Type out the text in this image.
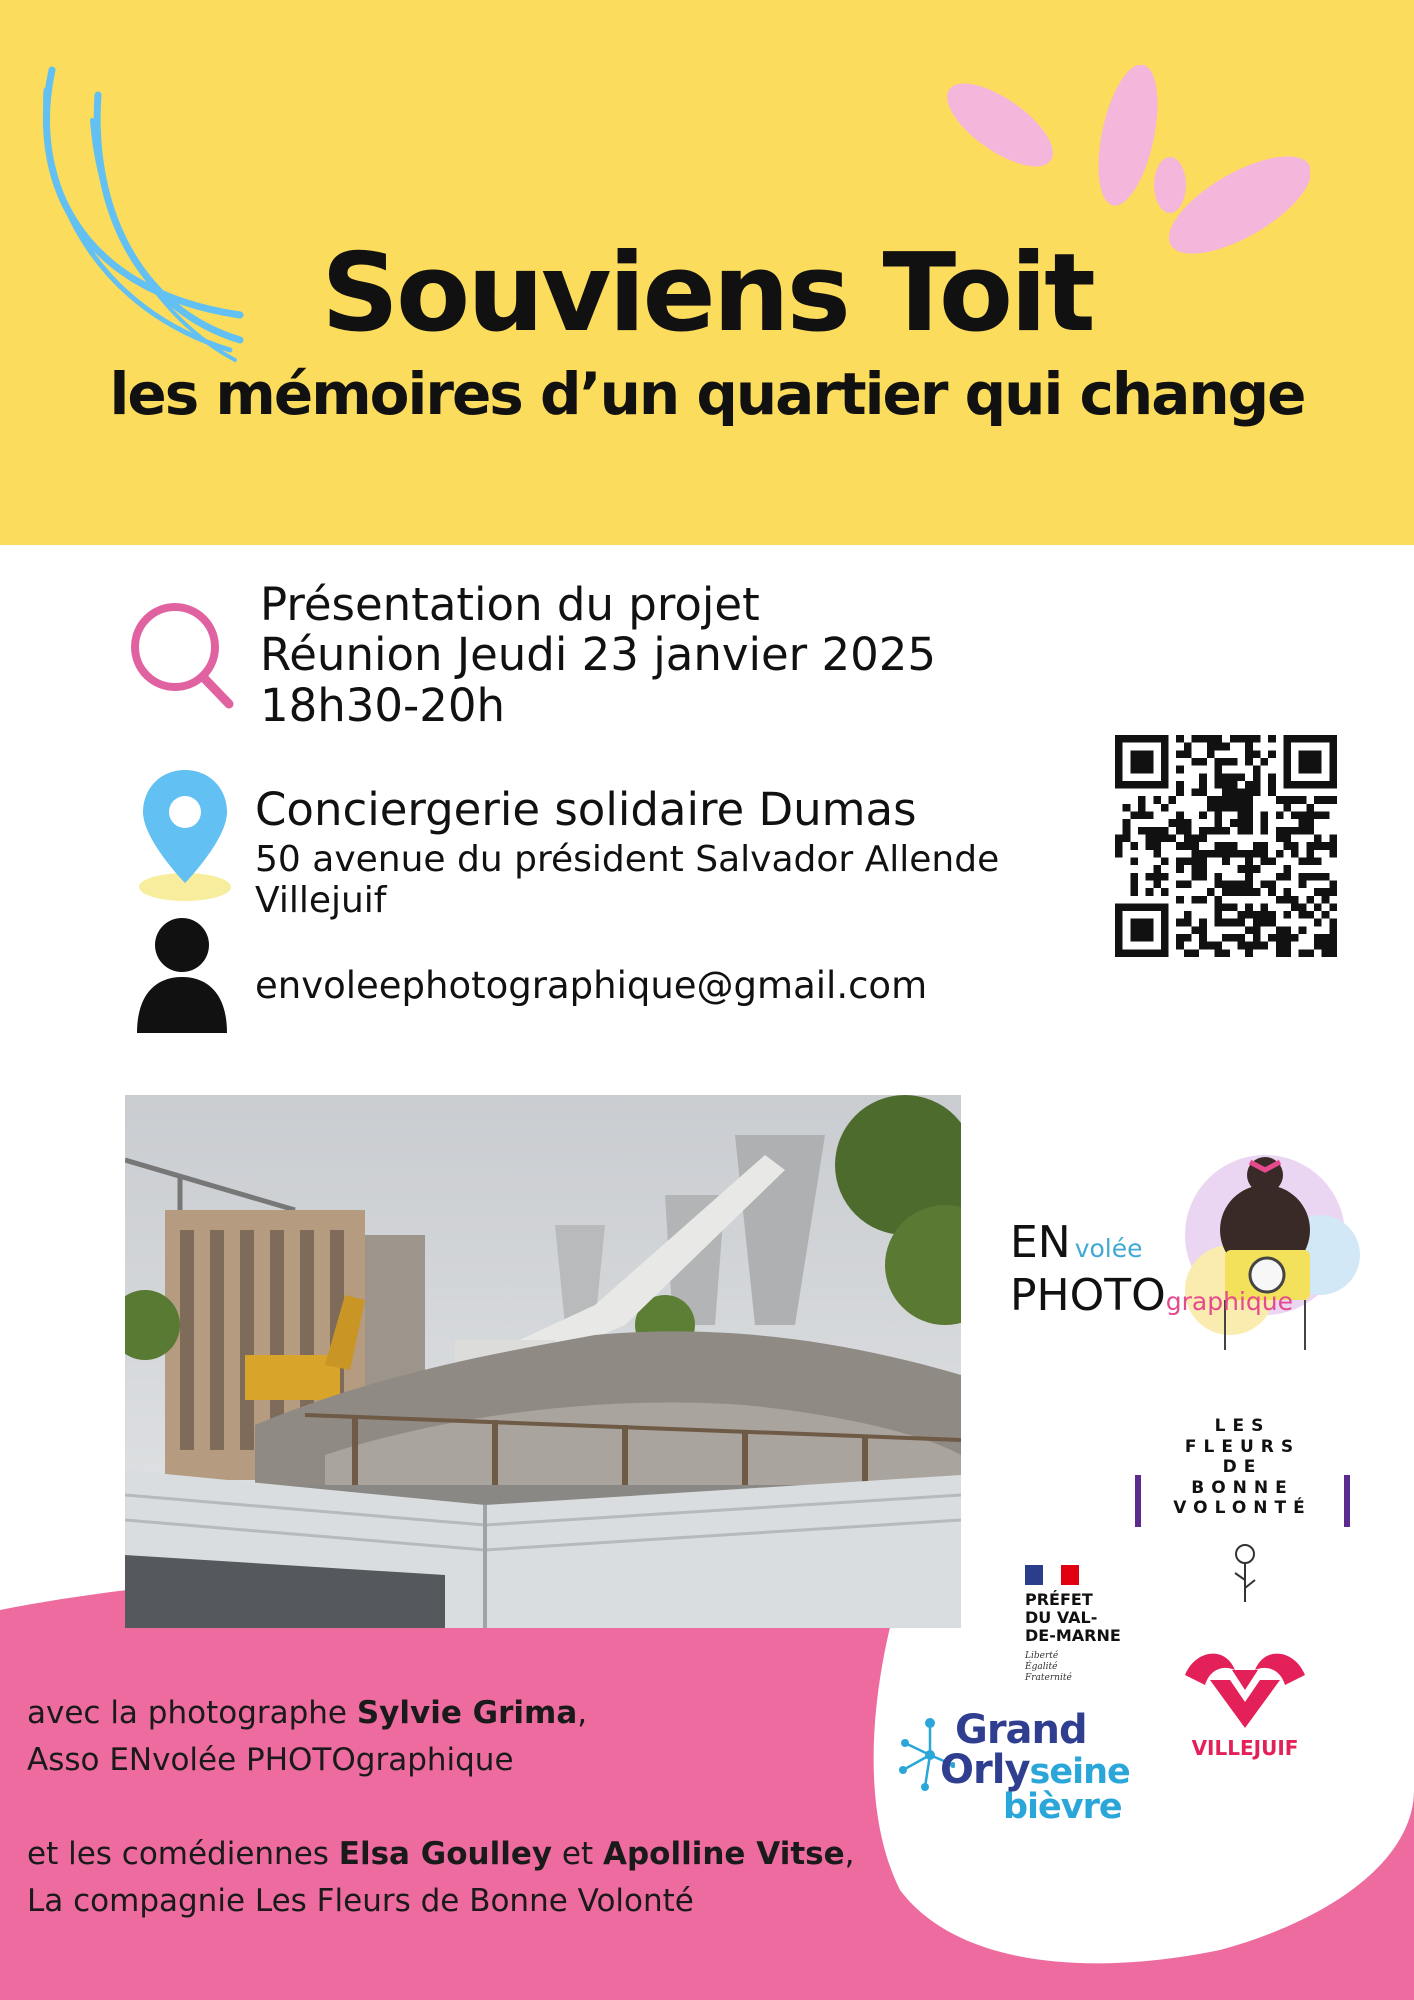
Souviens Toit
les mémoires d’un quartier qui change
Présentation du projet
Réunion Jeudi 23 janvier 2025
18h30-20h
Conciergerie solidaire Dumas
50 avenue du président Salvador Allende
Villejuif
envoleephotographique@gmail.com
EN volée
PHOTOgraphique
LES
FLEURS
DE
BONNE
VOLONTÉ
PRÉFET
DU VAL-
DE-MARNE
Liberté
Égalité
Fraternité
VILLEJUIF
Grand
Orlyseine
bièvre
avec la photographe Sylvie Grima,
Asso ENvolée PHOTOgraphique
et les comédiennes Elsa Goulley et Apolline Vitse,
La compagnie Les Fleurs de Bonne Volonté
